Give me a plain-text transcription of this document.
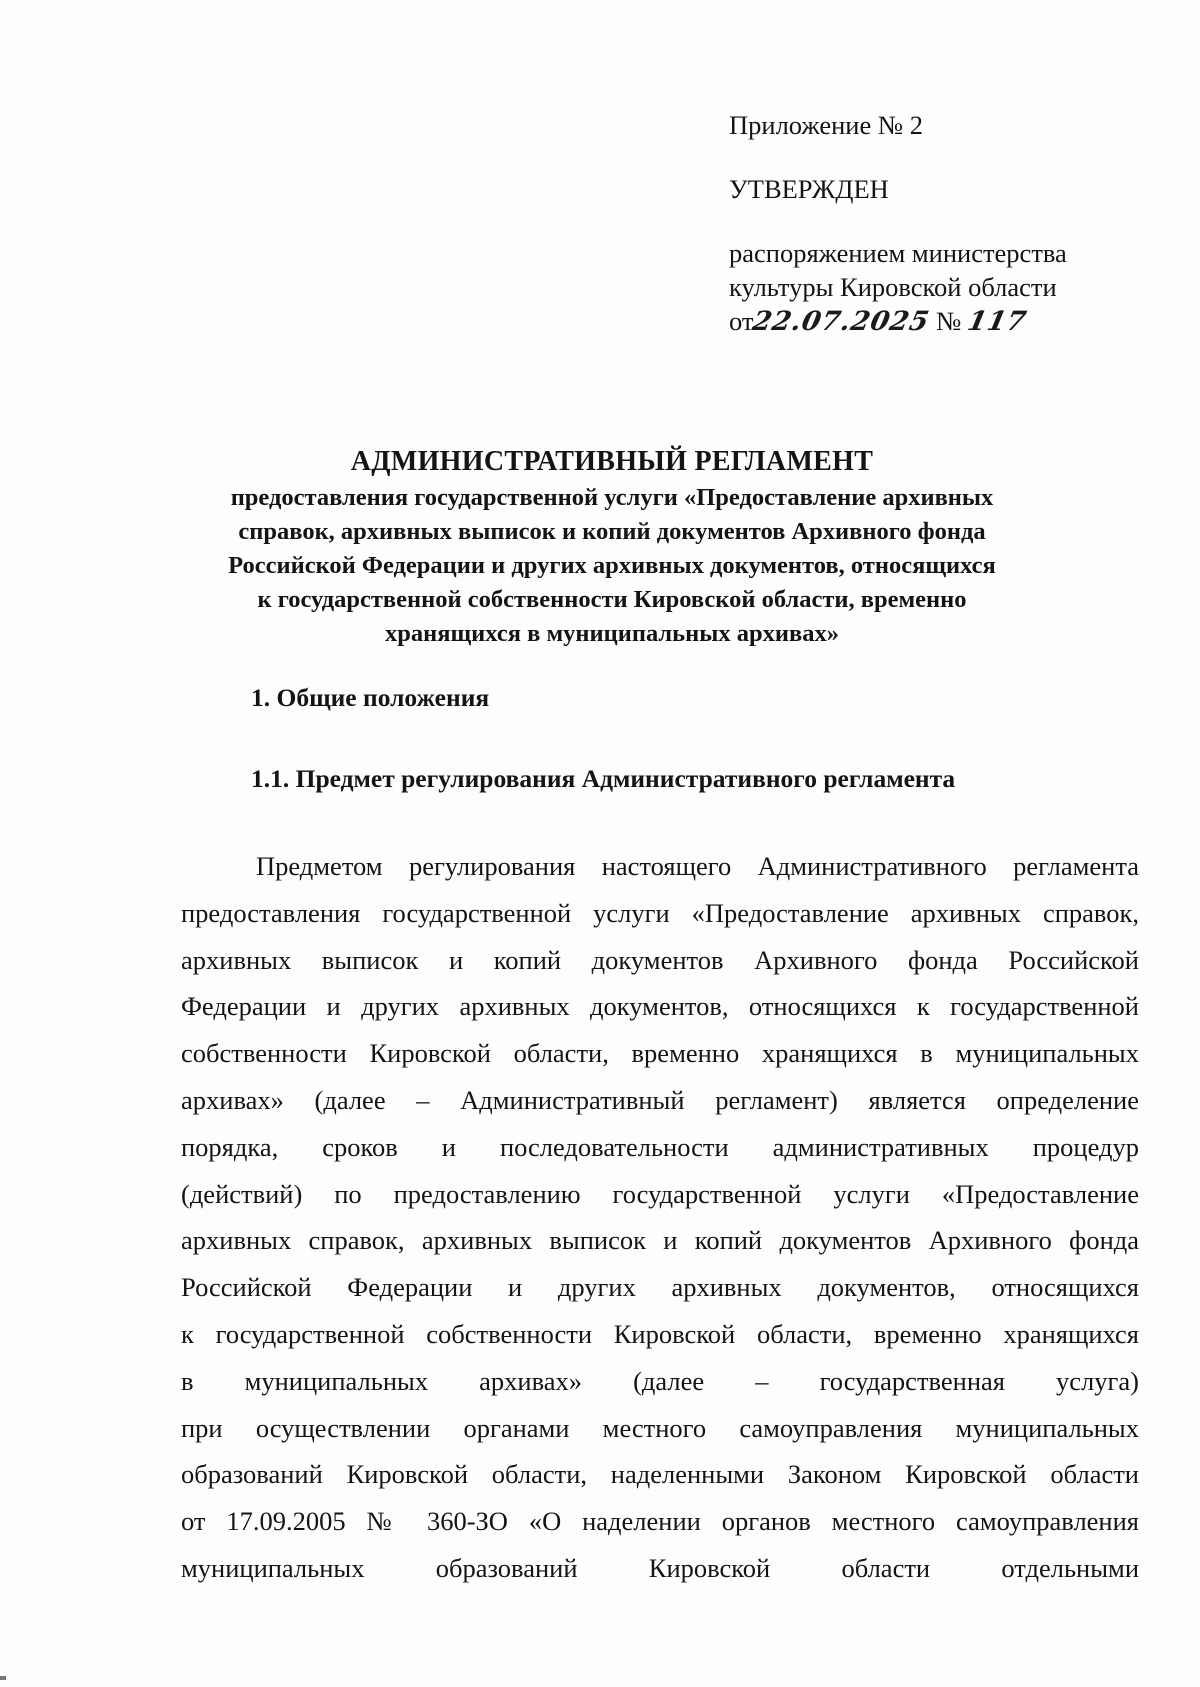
Приложение № 2
УТВЕРЖДЕН
распоряжением министерства
культуры Кировской области
от22.07.2025 № 117
АДМИНИСТРАТИВНЫЙ РЕГЛАМЕНТ
предоставления государственной услуги «Предоставление архивных
справок, архивных выписок и копий документов Архивного фонда
Российской Федерации и других архивных документов, относящихся
к государственной собственности Кировской области, временно
хранящихся в муниципальных архивах»
1. Общие положения
1.1. Предмет регулирования Административного регламента
Предметом регулирования настоящего Административного регламента
предоставления государственной услуги «Предоставление архивных справок,
архивных выписок и копий документов Архивного фонда Российской
Федерации и других архивных документов, относящихся к государственной
собственности Кировской области, временно хранящихся в муниципальных
архивах» (далее – Административный регламент) является определение
порядка, сроков и последовательности административных процедур
(действий) по предоставлению государственной услуги «Предоставление
архивных справок, архивных выписок и копий документов Архивного фонда
Российской Федерации и других архивных документов, относящихся
к государственной собственности Кировской области, временно хранящихся
в муниципальных архивах» (далее – государственная услуга)
при осуществлении органами местного самоуправления муниципальных
образований Кировской области, наделенными Законом Кировской области
от 17.09.2005 № 360-ЗО «О наделении органов местного самоуправления
муниципальных образований Кировской области отдельными
